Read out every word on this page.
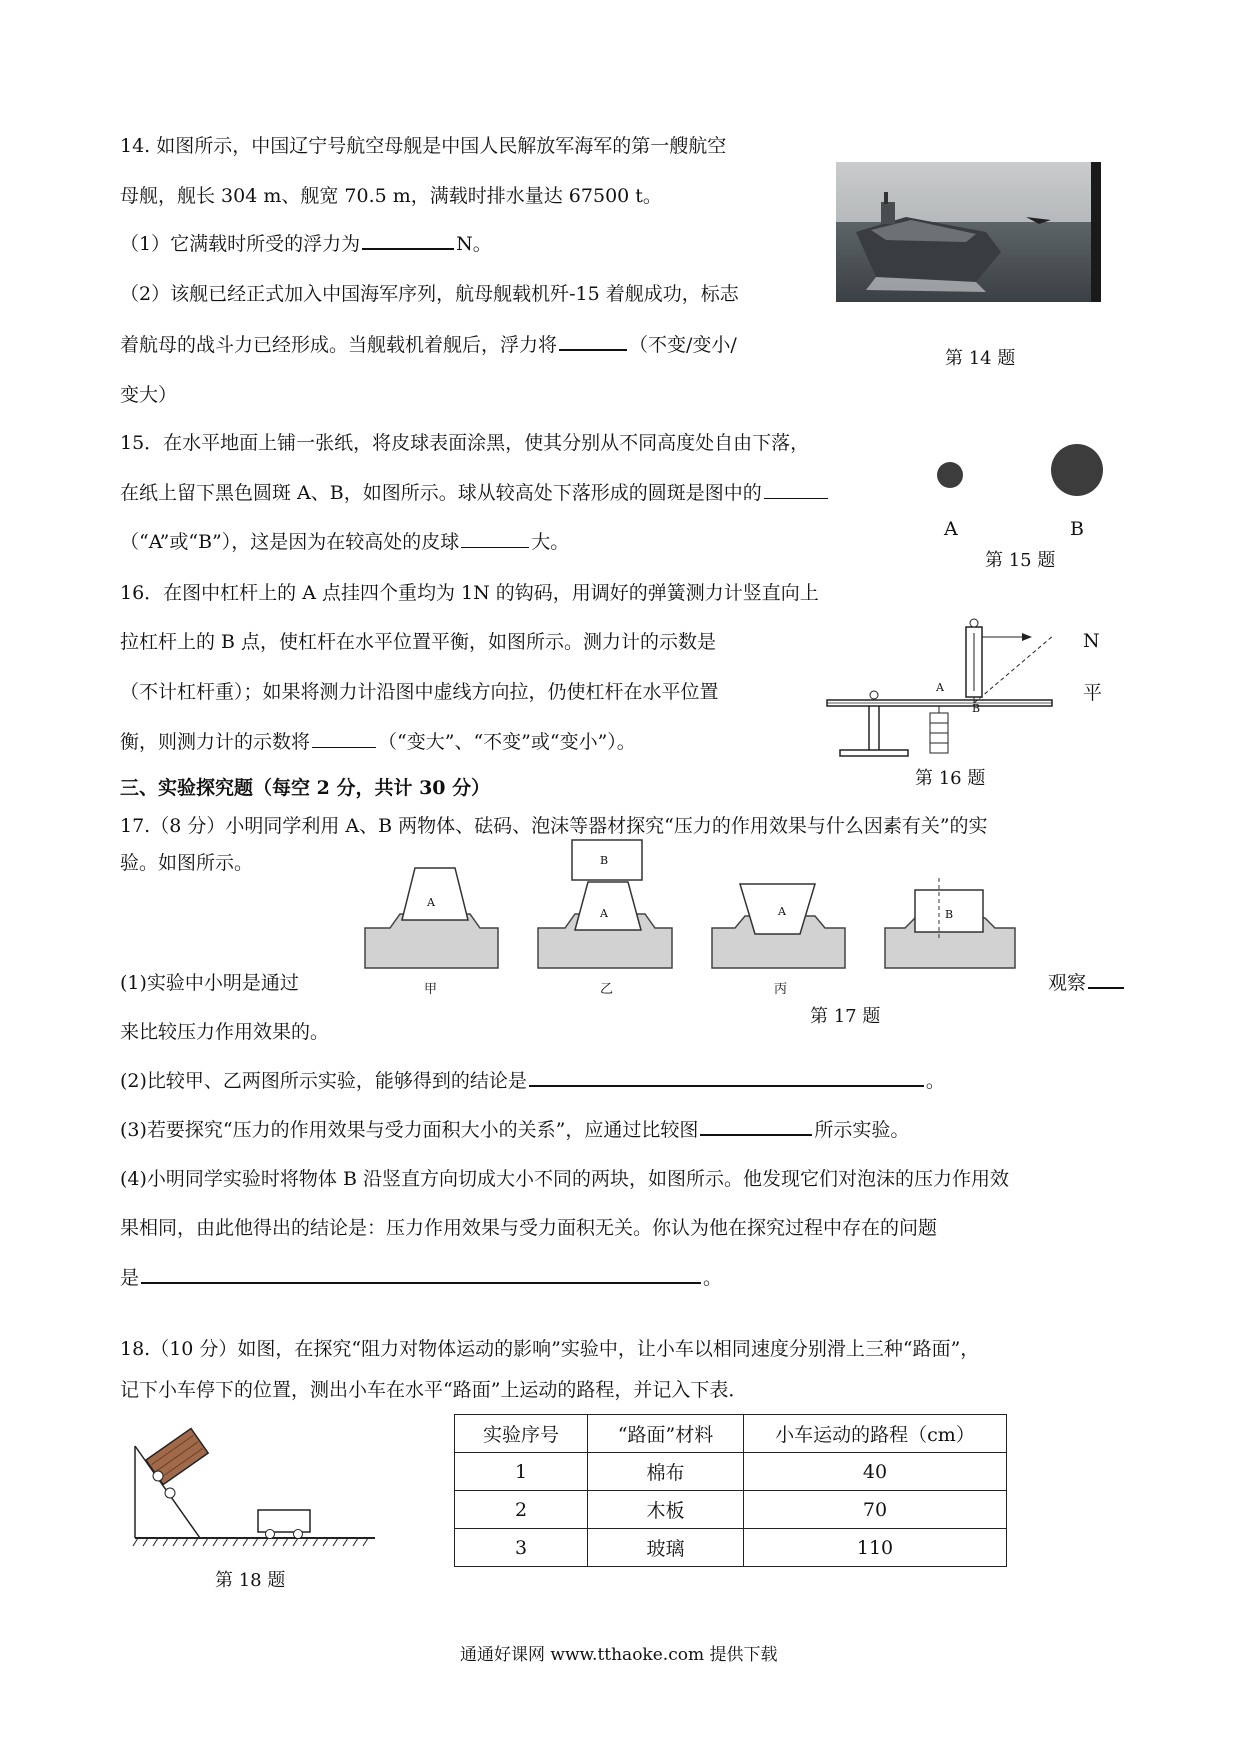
14. 如图所示，中国辽宁号航空母舰是中国人民解放军海军的第一艘航空
母舰，舰长 304 m、舰宽 70.5 m，满载时排水量达 67500 t。
（1）它满载时所受的浮力为	N。
（2）该舰已经正式加入中国海军序列，航母舰载机歼-15 着舰成功，标志
着航母的战斗力已经形成。当舰载机着舰后，浮力将	（不变/变小/
变大）
第 14 题
15．在水平地面上铺一张纸，将皮球表面涂黑，使其分别从不同高度处自由下落，
在纸上留下黑色圆斑 A、B，如图所示。球从较高处下落形成的圆斑是图中的
（“A”或“B”），这是因为在较高处的皮球	大。
A	B
第 15 题
16．在图中杠杆上的 A 点挂四个重均为 1N 的钩码，用调好的弹簧测力计竖直向上
拉杠杆上的 B 点，使杠杆在水平位置平衡，如图所示。测力计的示数是
（不计杠杆重）；如果将测力计沿图中虚线方向拉，仍使杠杆在水平位置
衡，则测力计的示数将	（“变大”、“不变”或“变小”）。
A
B
N
平
第 16 题
三、实验探究题（每空 2 分，共计 30 分）
17.（8 分）小明同学利用 A、B 两物体、砝码、泡沫等器材探究“压力的作用效果与什么因素有关”的实
验。如图所示。
A
A
B
A	B
甲	乙	丙
(1)实验中小明是通过	观察
第 17 题
来比较压力作用效果的。
(2)比较甲、乙两图所示实验，能够得到的结论是	。
(3)若要探究“压力的作用效果与受力面积大小的关系”，应通过比较图	所示实验。
(4)小明同学实验时将物体 B 沿竖直方向切成大小不同的两块，如图所示。他发现它们对泡沫的压力作用效
果相同，由此他得出的结论是：压力作用效果与受力面积无关。你认为他在探究过程中存在的问题
是	。
18.（10 分）如图，在探究“阻力对物体运动的影响”实验中，让小车以相同速度分别滑上三种“路面”，
记下小车停下的位置，测出小车在水平“路面”上运动的路程，并记入下表．
第 18 题
实验序号	“路面”材料	小车运动的路程（cm）
1	棉布	40
2	木板	70
3	玻璃	110
通通好课网 www.tthaoke.com 提供下载
